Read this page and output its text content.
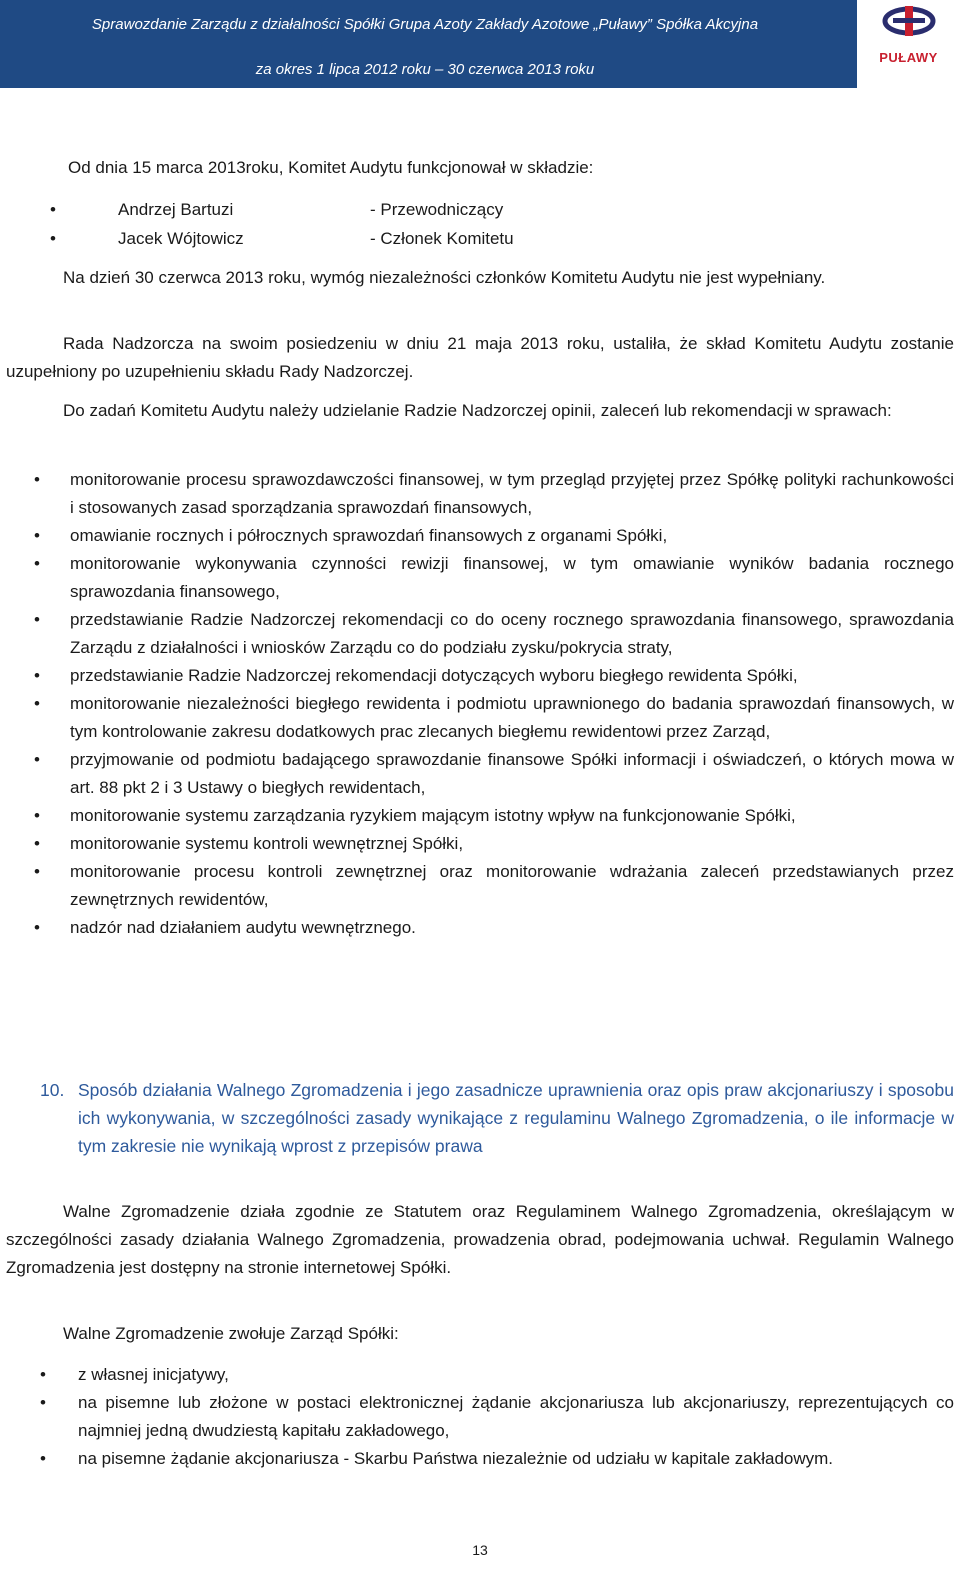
Sprawozdanie Zarządu z działalności Spółki Grupa Azoty Zakłady Azotowe „Puławy” Spółka Akcyjna
za okres 1 lipca 2012 roku – 30 czerwca 2013 roku
PUŁAWY
Od dnia 15 marca 2013roku, Komitet Audytu funkcjonował w składzie:
•	Andrzej Bartuzi	- Przewodniczący
•	Jacek Wójtowicz	- Członek Komitetu
Na dzień 30 czerwca 2013 roku, wymóg niezależności członków Komitetu Audytu nie jest wypełniany.
Rada Nadzorcza na swoim posiedzeniu w dniu 21 maja 2013 roku, ustaliła, że skład Komitetu Audytu zostanie uzupełniony po uzupełnieniu składu Rady Nadzorczej.
Do zadań Komitetu Audytu należy udzielanie Radzie Nadzorczej opinii, zaleceń lub rekomendacji w sprawach:
• monitorowanie procesu sprawozdawczości finansowej, w tym przegląd przyjętej przez Spółkę polityki rachunkowości i stosowanych zasad sporządzania sprawozdań finansowych,
• omawianie rocznych i półrocznych sprawozdań finansowych z organami Spółki,
• monitorowanie wykonywania czynności rewizji finansowej, w tym omawianie wyników badania rocznego sprawozdania finansowego,
• przedstawianie Radzie Nadzorczej rekomendacji co do oceny rocznego sprawozdania finansowego, sprawozdania Zarządu z działalności i wniosków Zarządu co do podziału zysku/pokrycia straty,
• przedstawianie Radzie Nadzorczej rekomendacji dotyczących wyboru biegłego rewidenta Spółki,
• monitorowanie niezależności biegłego rewidenta i podmiotu uprawnionego do badania sprawozdań finansowych, w tym kontrolowanie zakresu dodatkowych prac zlecanych biegłemu rewidentowi przez Zarząd,
• przyjmowanie od podmiotu badającego sprawozdanie finansowe Spółki informacji i oświadczeń, o których mowa w art. 88 pkt 2 i 3 Ustawy o biegłych rewidentach,
• monitorowanie systemu zarządzania ryzykiem mającym istotny wpływ na funkcjonowanie Spółki,
• monitorowanie systemu kontroli wewnętrznej Spółki,
• monitorowanie procesu kontroli zewnętrznej oraz monitorowanie wdrażania zaleceń przedstawianych przez zewnętrznych rewidentów,
• nadzór nad działaniem audytu wewnętrznego.
10. Sposób działania Walnego Zgromadzenia i jego zasadnicze uprawnienia oraz opis praw akcjonariuszy i sposobu ich wykonywania, w szczególności zasady wynikające z regulaminu Walnego Zgromadzenia, o ile informacje w tym zakresie nie wynikają wprost z przepisów prawa
Walne Zgromadzenie działa zgodnie ze Statutem oraz Regulaminem Walnego Zgromadzenia, określającym w szczególności zasady działania Walnego Zgromadzenia, prowadzenia obrad, podejmowania uchwał. Regulamin Walnego Zgromadzenia jest dostępny na stronie internetowej Spółki.
Walne Zgromadzenie zwołuje Zarząd Spółki:
• z własnej inicjatywy,
• na pisemne lub złożone w postaci elektronicznej żądanie akcjonariusza lub akcjonariuszy, reprezentujących co najmniej jedną dwudziestą kapitału zakładowego,
• na pisemne żądanie akcjonariusza - Skarbu Państwa niezależnie od udziału w kapitale zakładowym.
13
